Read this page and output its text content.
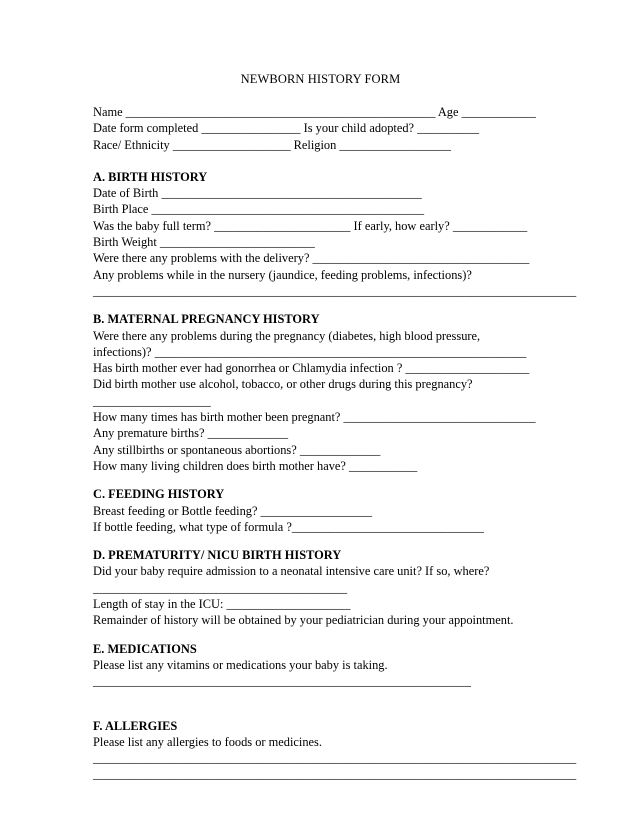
NEWBORN HISTORY FORM
Name __________________________________________________ Age ____________
Date form completed ________________ Is your child adopted? __________
Race/ Ethnicity ___________________ Religion __________________
A. BIRTH HISTORY
Date of Birth __________________________________________
Birth Place ____________________________________________
Was the baby full term? ______________________ If early, how early? ____________
Birth Weight _________________________
Were there any problems with the delivery? ___________________________________
Any problems while in the nursery (jaundice, feeding problems, infections)?
______________________________________________________________________________
B. MATERNAL PREGNANCY HISTORY
Were there any problems during the pregnancy (diabetes, high blood pressure,
infections)? ____________________________________________________________
Has birth mother ever had gonorrhea or Chlamydia infection ? ____________________
Did birth mother use alcohol, tobacco, or other drugs during this pregnancy?
___________________
How many times has birth mother been pregnant? _______________________________
Any premature births? _____________
Any stillbirths or spontaneous abortions? _____________
How many living children does birth mother have? ___________
C. FEEDING HISTORY
Breast feeding or Bottle feeding? __________________
If bottle feeding, what type of formula ?_______________________________
D. PREMATURITY/ NICU BIRTH HISTORY
Did your baby require admission to a neonatal intensive care unit? If so, where?
_________________________________________
Length of stay in the ICU: ____________________
Remainder of history will be obtained by your pediatrician during your appointment.
E. MEDICATIONS
Please list any vitamins or medications your baby is taking.
_____________________________________________________________
F. ALLERGIES
Please list any allergies to foods or medicines.
______________________________________________________________________________
______________________________________________________________________________
